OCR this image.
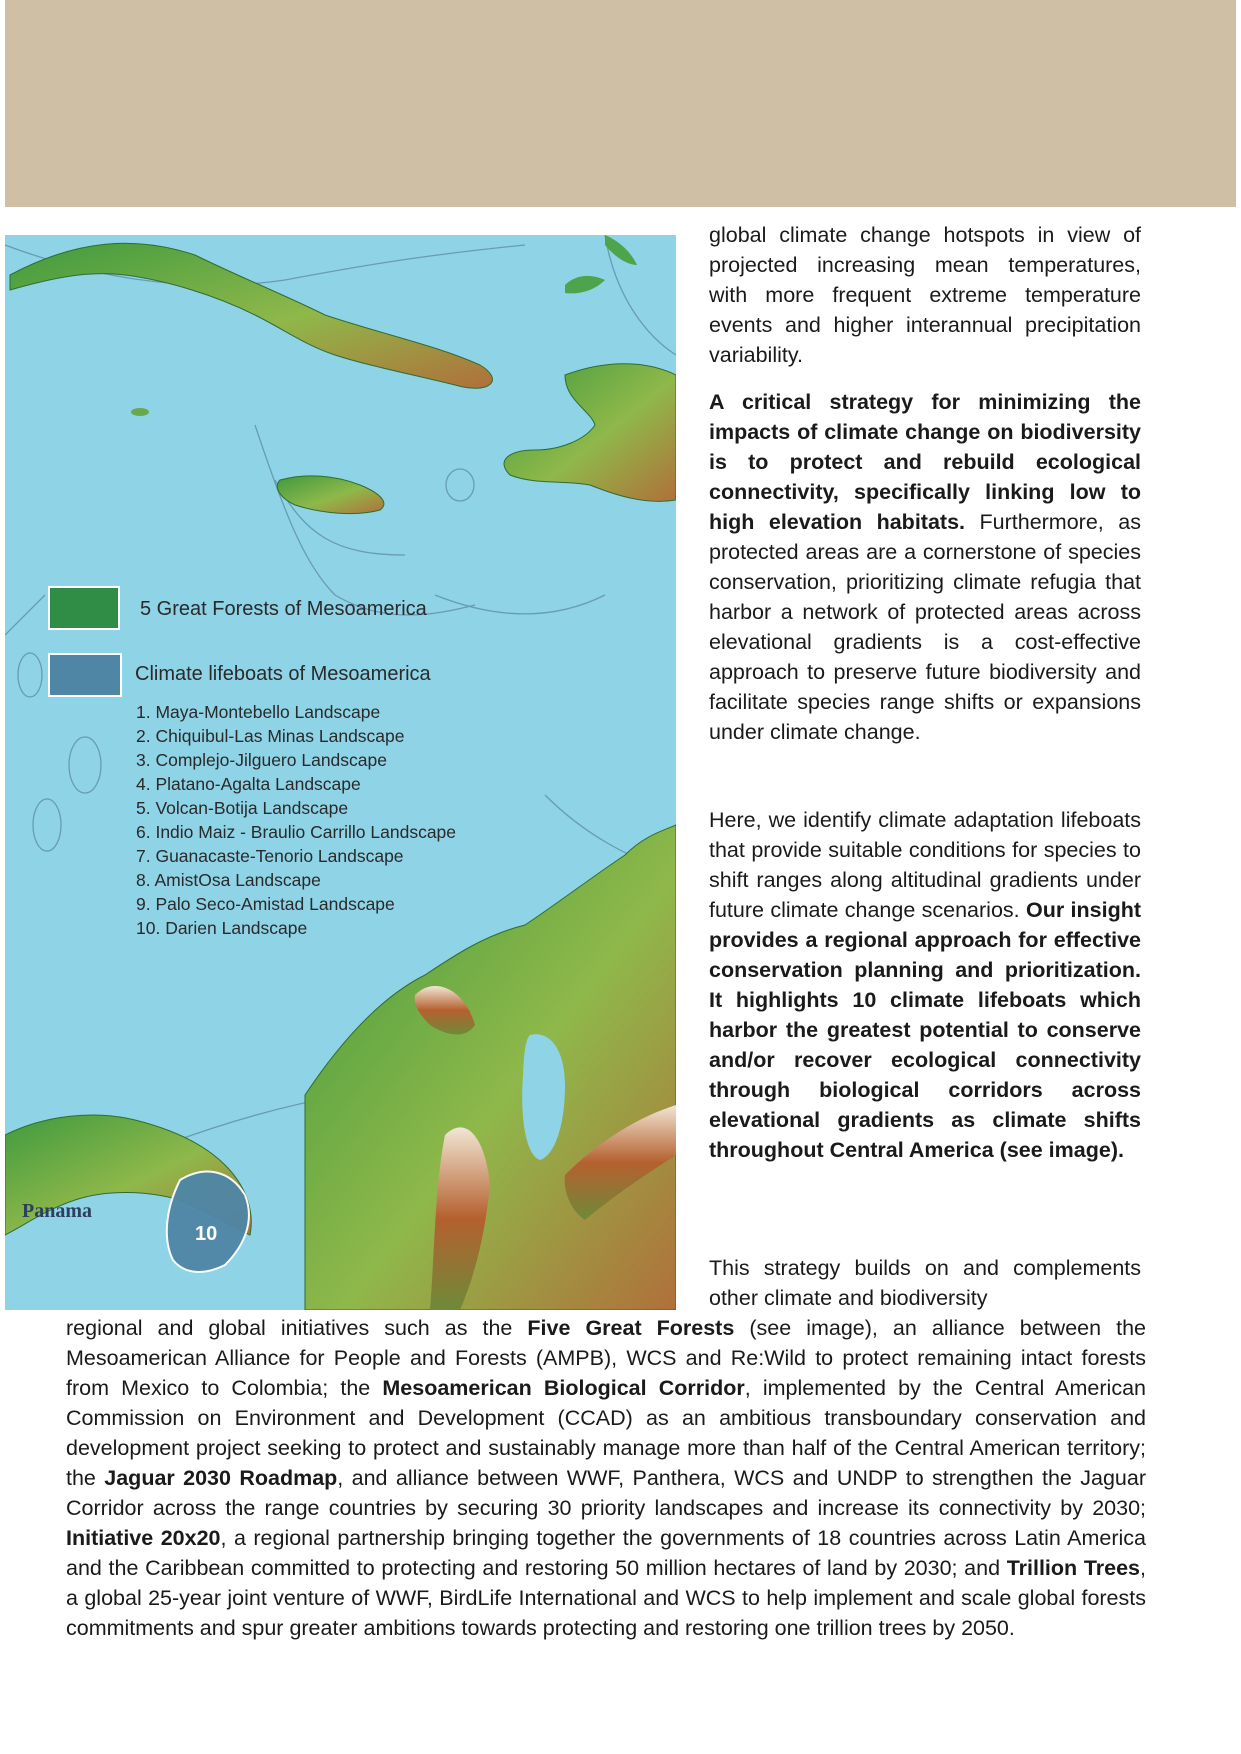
5 Great Forests of Mesoamerica
Climate lifeboats of Mesoamerica
1. Maya-Montebello Landscape
2. Chiquibul-Las Minas Landscape
3. Complejo-Jilguero Landscape
4. Platano-Agalta Landscape
5. Volcan-Botija Landscape
6. Indio Maiz - Braulio Carrillo Landscape
7. Guanacaste-Tenorio Landscape
8. AmistOsa Landscape
9. Palo Seco-Amistad Landscape
10. Darien Landscape
Panama
10

global climate change hotspots in view of projected increasing mean temperatures, with more frequent extreme temperature events and higher interannual precipitation variability.

A critical strategy for minimizing the impacts of climate change on biodiversity is to protect and rebuild ecological connectivity, specifically linking low to high elevation habitats. Furthermore, as protected areas are a cornerstone of species conservation, prioritizing climate refugia that harbor a network of protected areas across elevational gradients is a cost-effective approach to preserve future biodiversity and facilitate species range shifts or expansions under climate change.

Here, we identify climate adaptation lifeboats that provide suitable conditions for species to shift ranges along altitudinal gradients under future climate change scenarios. Our insight provides a regional approach for effective conservation planning and prioritization. It highlights 10 climate lifeboats which harbor the greatest potential to conserve and/or recover ecological connectivity through biological corridors across elevational gradients as climate shifts throughout Central America (see image).

This strategy builds on and complements other climate and biodiversity

regional and global initiatives such as the Five Great Forests (see image), an alliance between the Mesoamerican Alliance for People and Forests (AMPB), WCS and Re:Wild to protect remaining intact forests from Mexico to Colombia; the Mesoamerican Biological Corridor, implemented by the Central American Commission on Environment and Development (CCAD) as an ambitious transboundary conservation and development project seeking to protect and sustainably manage more than half of the Central American territory; the Jaguar 2030 Roadmap, and alliance between WWF, Panthera, WCS and UNDP to strengthen the Jaguar Corridor across the range countries by securing 30 priority landscapes and increase its connectivity by 2030; Initiative 20x20, a regional partnership bringing together the governments of 18 countries across Latin America and the Caribbean committed to protecting and restoring 50 million hectares of land by 2030; and Trillion Trees, a global 25-year joint venture of WWF, BirdLife International and WCS to help implement and scale global forests commitments and spur greater ambitions towards protecting and restoring one trillion trees by 2050.
